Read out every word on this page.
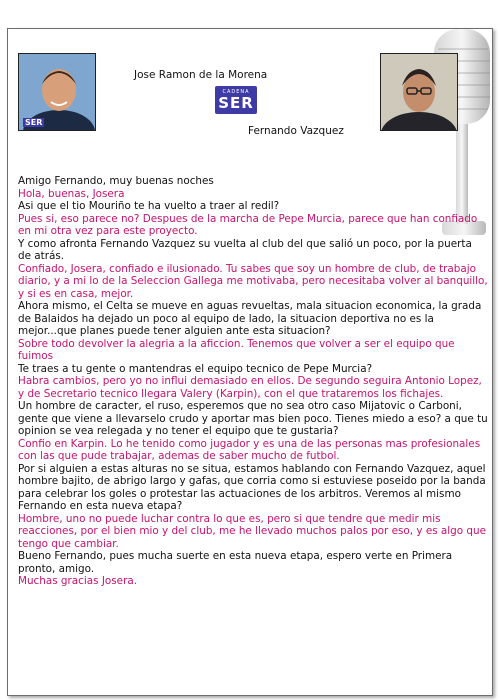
SER
Jose Ramon de la Morena
CADENA
SER
Fernando Vazquez

Amigo Fernando, muy buenas noches

Hola, buenas, Josera

Asi que el tio Mouriño te ha vuelto a traer al redil?

Pues si, eso parece no? Despues de la marcha de Pepe Murcia, parece que han confiado en mi otra vez para este proyecto.

Y como afronta Fernando Vazquez su vuelta al club del que salió un poco, por la puerta de atrás.

Confiado, Josera, confiado e ilusionado. Tu sabes que soy un hombre de club, de trabajo diario, y a mi lo de la Seleccion Gallega me motivaba, pero necesitaba volver al banquillo, y si es en casa, mejor.

Ahora mismo, el Celta se mueve en aguas revueltas, mala situacion economica, la grada de Balaidos ha dejado un poco al equipo de lado, la situacion deportiva no es la mejor...que planes puede tener alguien ante esta situacion?

Sobre todo devolver la alegria a la aficcion. Tenemos que volver a ser el equipo que fuimos

Te traes a tu gente o mantendras el equipo tecnico de Pepe Murcia?

Habra cambios, pero yo no influi demasiado en ellos. De segundo seguira Antonio Lopez, y de Secretario tecnico llegara Valery (Karpin), con el que trataremos los fichajes.

Un hombre de caracter, el ruso, esperemos que no sea otro caso Mijatovic o Carboni, gente que viene a llevarselo crudo y aportar mas bien poco. Tienes miedo a eso? a que tu opinion se vea relegada y no tener el equipo que te gustaria?

Confio en Karpin. Lo he tenido como jugador y es una de las personas mas profesionales con las que pude trabajar, ademas de saber mucho de futbol.

Por si alguien a estas alturas no se situa, estamos hablando con Fernando Vazquez, aquel hombre bajito, de abrigo largo y gafas, que corria como si estuviese poseido por la banda para celebrar los goles o protestar las actuaciones de los arbitros. Veremos al mismo Fernando en esta nueva etapa?

Hombre, uno no puede luchar contra lo que es, pero si que tendre que medir mis reacciones, por el bien mio y del club, me he llevado muchos palos por eso, y es algo que tengo que cambiar.

Bueno Fernando, pues mucha suerte en esta nueva etapa, espero verte en Primera pronto, amigo.

Muchas gracias Josera.
